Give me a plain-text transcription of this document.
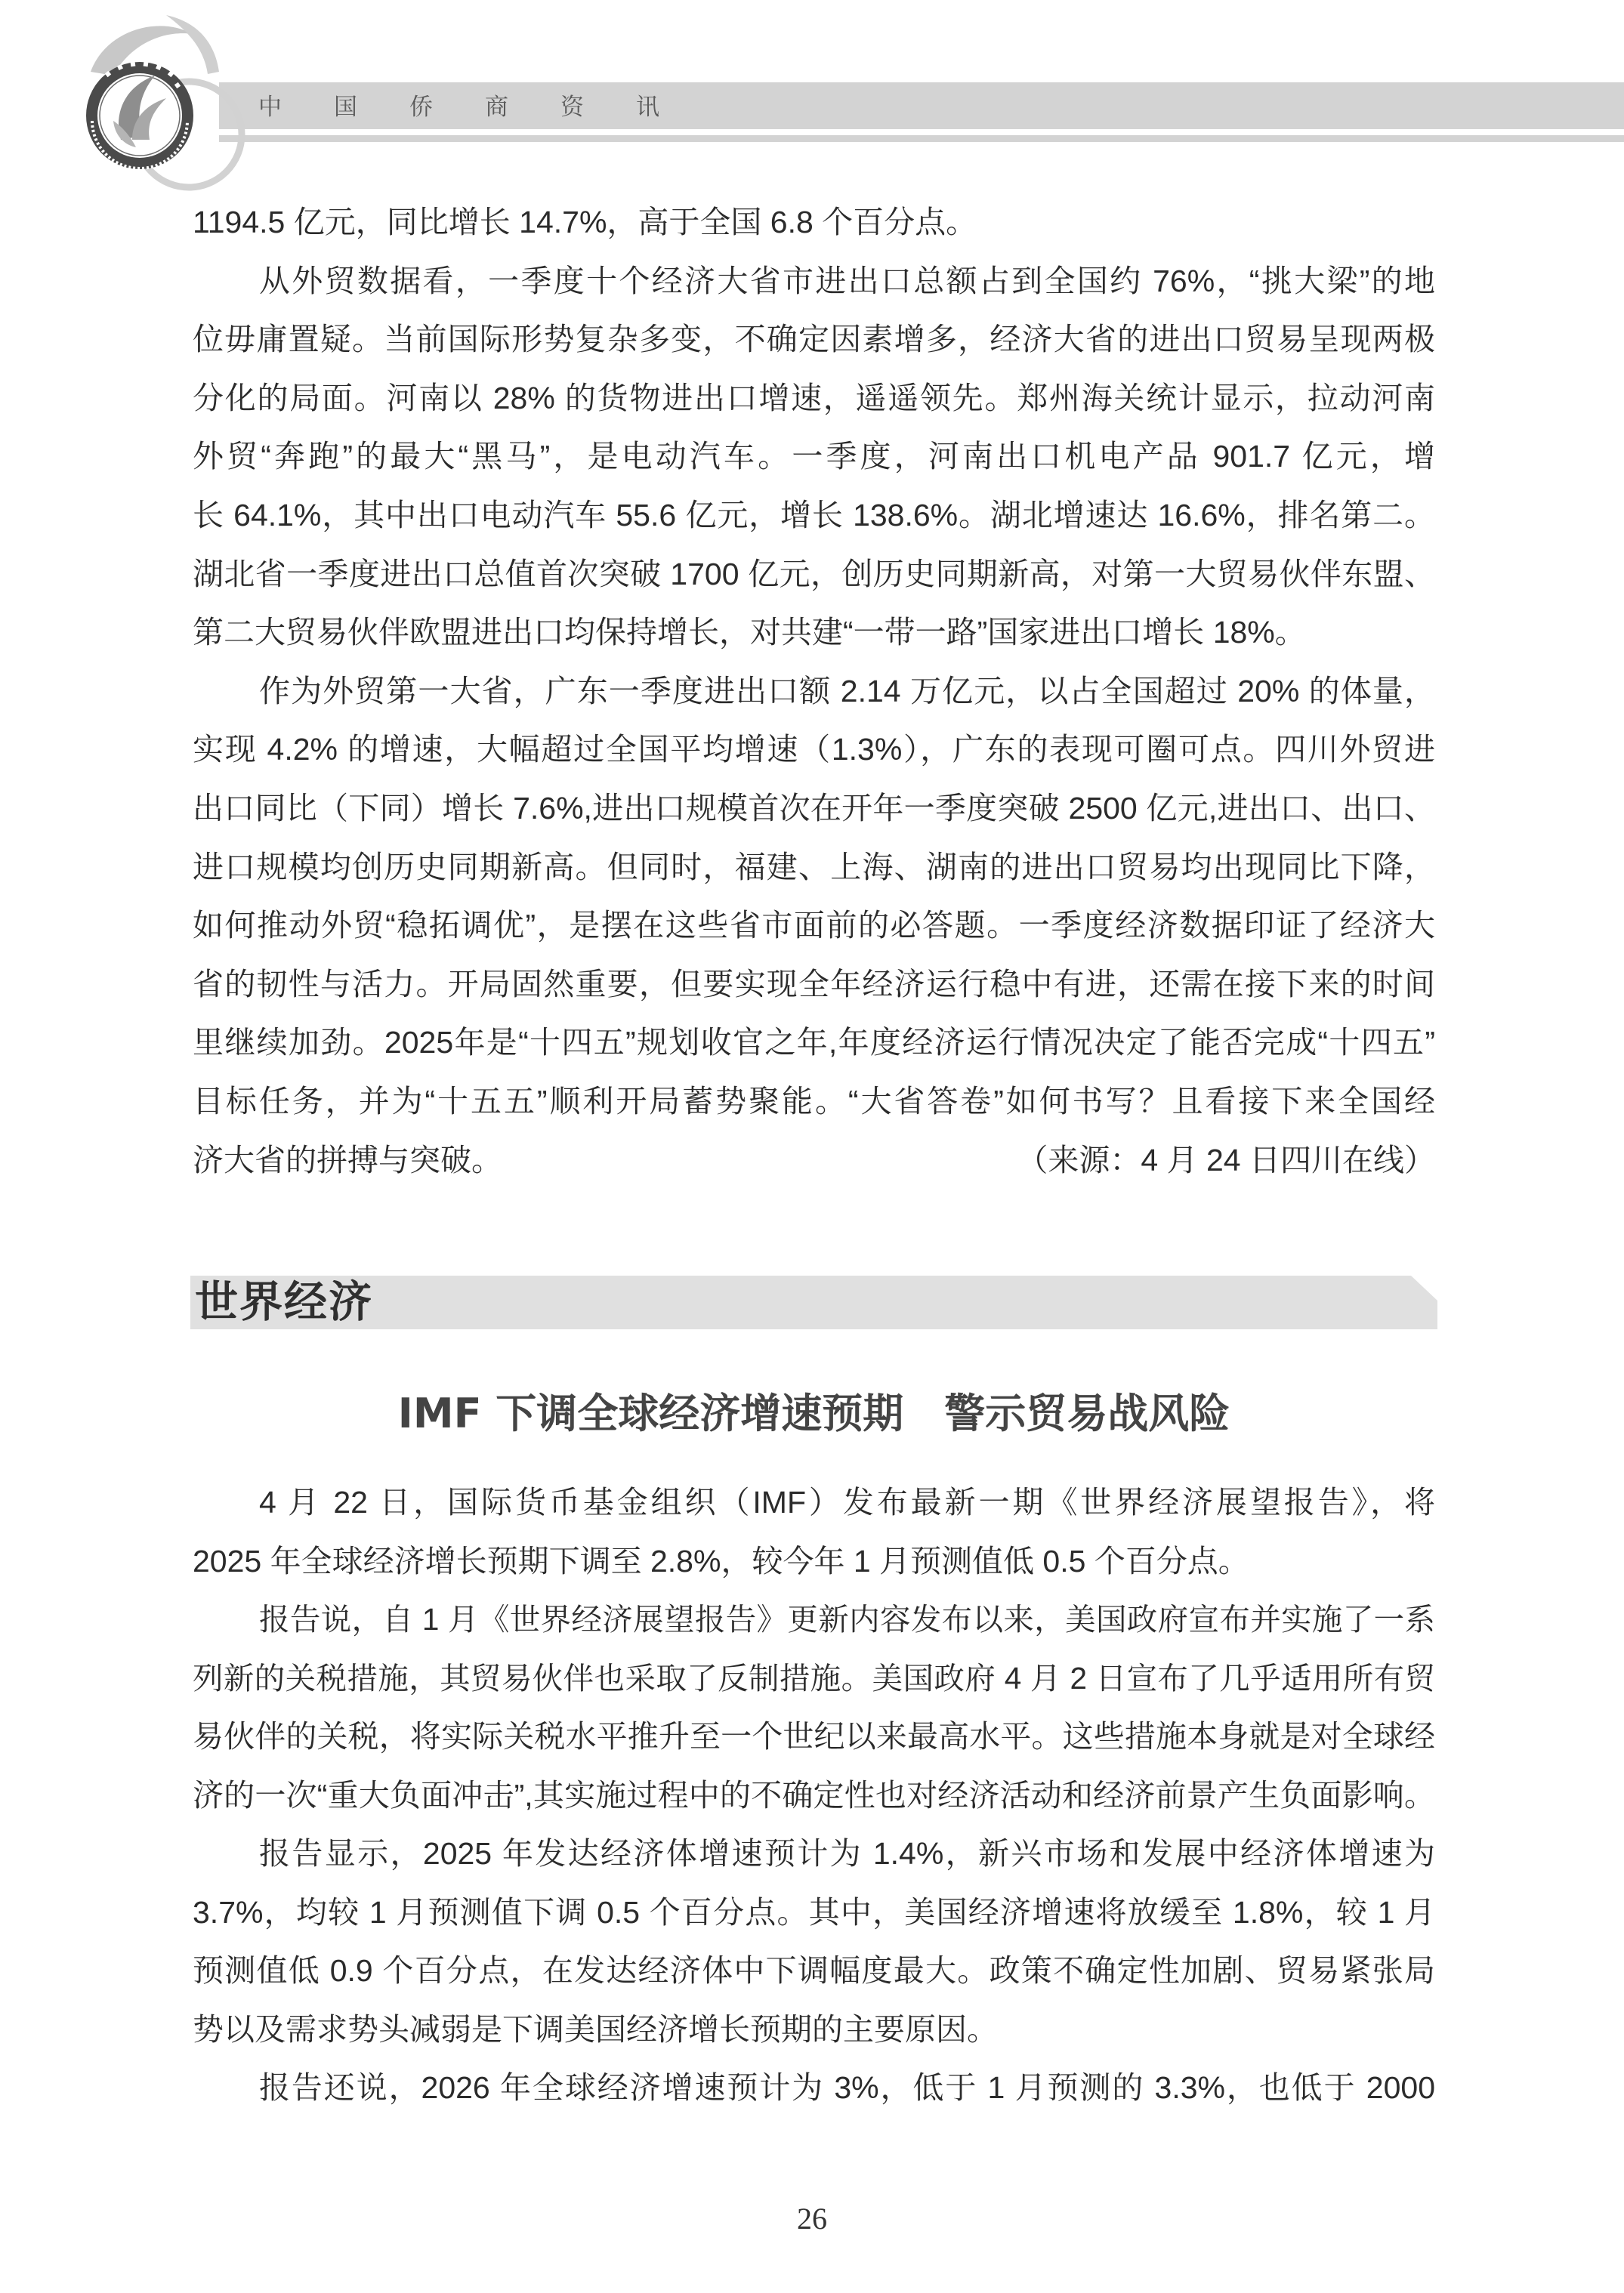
中	国	侨	商	资	讯
1194.5 亿元，同比增长 14.7%，高于全国 6.8 个百分点。
从外贸数据看，一季度十个经济大省市进出口总额占到全国约 76%，“挑大梁”的地
位毋庸置疑。当前国际形势复杂多变，不确定因素增多，经济大省的进出口贸易呈现两极
分化的局面。河南以 28% 的货物进出口增速，遥遥领先。郑州海关统计显示，拉动河南
外贸“奔跑”的最大“黑马”，是电动汽车。一季度，河南出口机电产品 901.7 亿元，增
长 64.1%，其中出口电动汽车 55.6 亿元，增长 138.6%。湖北增速达 16.6%，排名第二。
湖北省一季度进出口总值首次突破 1700 亿元，创历史同期新高，对第一大贸易伙伴东盟、
第二大贸易伙伴欧盟进出口均保持增长，对共建“一带一路”国家进出口增长 18%。
作为外贸第一大省，广东一季度进出口额 2.14 万亿元，以占全国超过 20% 的体量，
实现 4.2% 的增速，大幅超过全国平均增速（1.3%），广东的表现可圈可点。四川外贸进
出口同比（下同）增长 7.6%,进出口规模首次在开年一季度突破 2500 亿元,进出口、出口、
进口规模均创历史同期新高。但同时，福建、上海、湖南的进出口贸易均出现同比下降，
如何推动外贸“稳拓调优”，是摆在这些省市面前的必答题。一季度经济数据印证了经济大
省的韧性与活力。开局固然重要，但要实现全年经济运行稳中有进，还需在接下来的时间
里继续加劲。2025年是“十四五”规划收官之年,年度经济运行情况决定了能否完成“十四五”
目标任务，并为“十五五”顺利开局蓄势聚能。“大省答卷”如何书写？且看接下来全国经
济大省的拼搏与突破。	（来源：4 月 24 日四川在线）
世界经济
IMF 下调全球经济增速预期　警示贸易战风险
4 月 22 日，国际货币基金组织（IMF）发布最新一期《世界经济展望报告》，将
2025 年全球经济增长预期下调至 2.8%，较今年 1 月预测值低 0.5 个百分点。
报告说，自 1 月《世界经济展望报告》更新内容发布以来，美国政府宣布并实施了一系
列新的关税措施，其贸易伙伴也采取了反制措施。美国政府 4 月 2 日宣布了几乎适用所有贸
易伙伴的关税，将实际关税水平推升至一个世纪以来最高水平。这些措施本身就是对全球经
济的一次“重大负面冲击”,其实施过程中的不确定性也对经济活动和经济前景产生负面影响。
报告显示，2025 年发达经济体增速预计为 1.4%，新兴市场和发展中经济体增速为
3.7%，均较 1 月预测值下调 0.5 个百分点。其中，美国经济增速将放缓至 1.8%，较 1 月
预测值低 0.9 个百分点，在发达经济体中下调幅度最大。政策不确定性加剧、贸易紧张局
势以及需求势头减弱是下调美国经济增长预期的主要原因。
报告还说，2026 年全球经济增速预计为 3%，低于 1 月预测的 3.3%，也低于 2000
26
